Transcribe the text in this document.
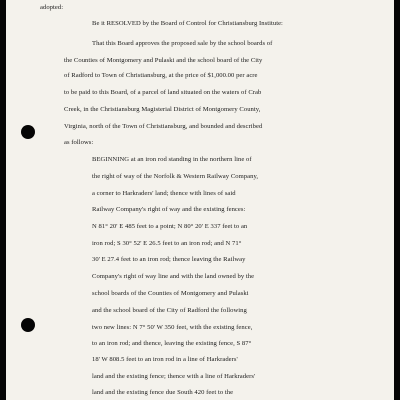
adopted:
Be it RESOLVED by the Board of Control for Christiansburg Institute:
That this Board approves the proposed sale by the school boards of
the Counties of Montgomery and Pulaski and the school board of the City
of Radford to Town of Christiansburg, at the price of $1,000.00 per acre
to be paid to this Board, of a parcel of land situated on the waters of Crab
Creek, in the Christiansburg Magisterial District of Montgomery County,
Virginia, north of the Town of Christiansburg, and bounded and described
as follows:
BEGINNING at an iron rod standing in the northern line of
the right of way of the Norfolk & Western Railway Company,
a corner to Harkraders' land; thence with lines of said
Railway Company's right of way and the existing fences:
N 81° 20' E 485 feet to a point; N 80° 20' E 337 feet to an
iron rod; S 30° 52' E 26.5 feet to an iron rod; and N 71°
30' E 27.4 feet to an iron rod; thence leaving the Railway
Company's right of way line and with the land owned by the
school boards of the Counties of Montgomery and Pulaski
and the school board of the City of Radford the following
two new lines: N 7° 50' W 350 feet, with the existing fence,
to an iron rod; and thence, leaving the existing fence, S 87°
18' W 808.5 feet to an iron rod in a line of Harkraders'
land and the existing fence; thence with a line of Harkraders'
land and the existing fence due South 420 feet to the
